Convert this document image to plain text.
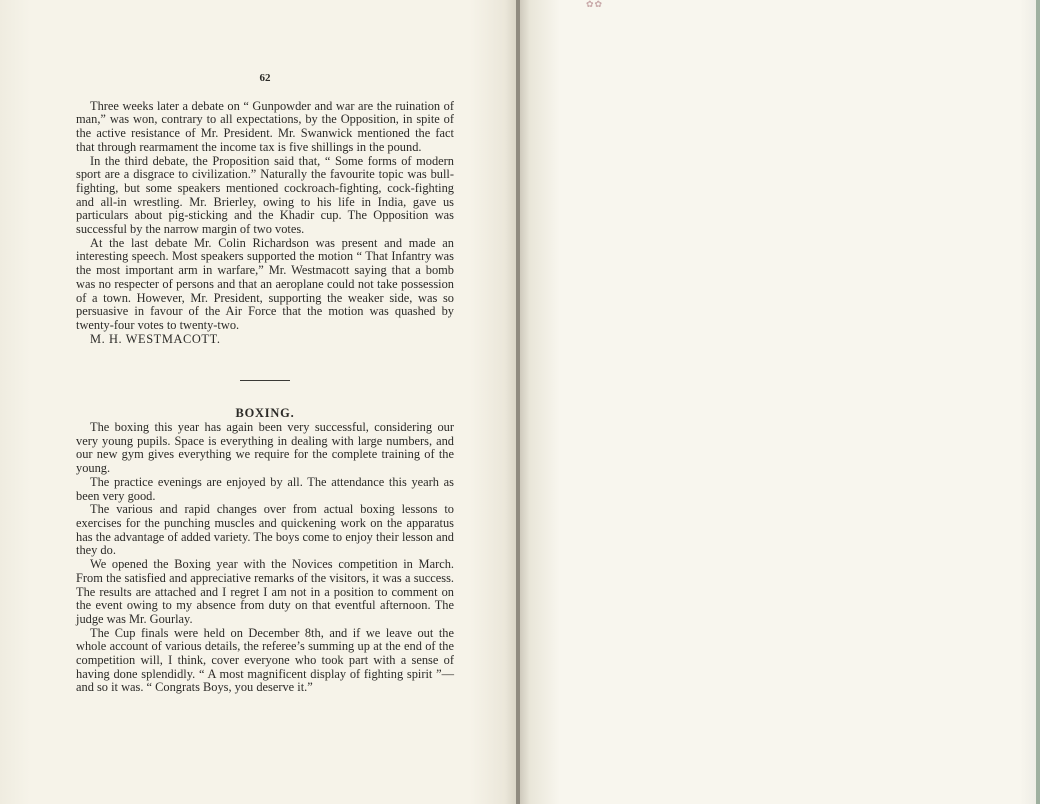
62

Three weeks later a debate on “ Gunpowder and war are the ruination of man,” was won, contrary to all expectations, by the Opposition, in spite of the active resistance of Mr. President. Mr. Swanwick mentioned the fact that through rearmament the income tax is five shillings in the pound.

In the third debate, the Proposition said that, “ Some forms of modern sport are a disgrace to civilization.” Naturally the favourite topic was bull-fighting, but some speakers mentioned cockroach-fighting, cock-fighting and all-in wrestling. Mr. Brierley, owing to his life in India, gave us particulars about pig-sticking and the Khadir cup. The Opposition was successful by the narrow margin of two votes.

At the last debate Mr. Colin Richardson was present and made an interesting speech. Most speakers supported the motion “ That Infantry was the most important arm in warfare,” Mr. Westmacott saying that a bomb was no respecter of persons and that an aeroplane could not take possession of a town. However, Mr. President, supporting the weaker side, was so persuasive in favour of the Air Force that the motion was quashed by twenty-four votes to twenty-two.

M. H. WESTMACOTT.

BOXING.

The boxing this year has again been very successful, considering our very young pupils. Space is everything in dealing with large numbers, and our new gym gives everything we require for the complete training of the young.

The practice evenings are enjoyed by all. The attendance this yearh as been very good.

The various and rapid changes over from actual boxing lessons to exercises for the punching muscles and quickening work on the apparatus has the advantage of added variety. The boys come to enjoy their lesson and they do.

We opened the Boxing year with the Novices competition in March. From the satisfied and appreciative remarks of the visitors, it was a success. The results are attached and I regret I am not in a position to comment on the event owing to my absence from duty on that eventful afternoon. The judge was Mr. Gourlay.

The Cup finals were held on December 8th, and if we leave out the whole account of various details, the referee’s summing up at the end of the competition will, I think, cover everyone who took part with a sense of having done splendidly. “ A most magnificent display of fighting spirit ”—and so it was. “ Congrats Boys, you deserve it.”

✿✿
